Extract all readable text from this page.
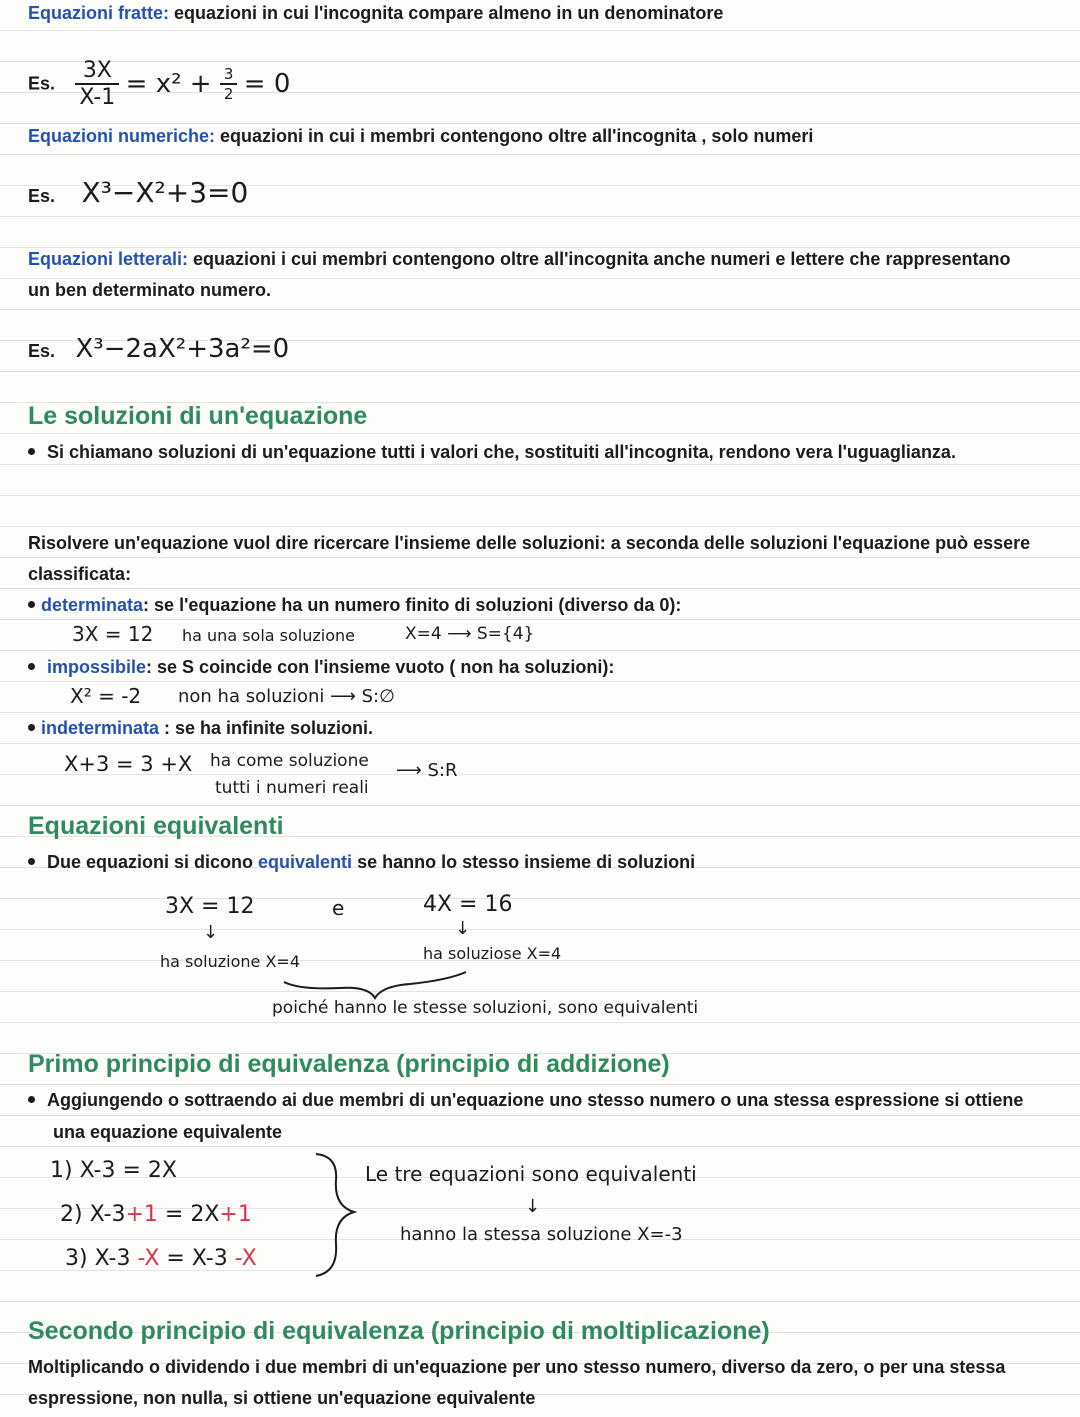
Equazioni fratte: equazioni in cui l'incognita compare almeno in un denominatore
Es. $\frac{3X}{X-1} = x^2 + \frac{3}{2} = 0$
Equazioni numeriche: equazioni in cui i membri contengono oltre all'incognita , solo numeri
Es. X³−X²+3=0
Equazioni letterali: equazioni i cui membri contengono oltre all'incognita anche numeri e lettere che rappresentano
un ben determinato numero.
Es. X³−2aX²+3a²=0
Le soluzioni di un'equazione
Si chiamano soluzioni di un'equazione tutti i valori che, sostituiti all'incognita, rendono vera l'uguaglianza.
Risolvere un'equazione vuol dire ricercare l'insieme delle soluzioni: a seconda delle soluzioni l'equazione può essere
classificata:
determinata: se l'equazione ha un numero finito di soluzioni (diverso da 0):
3X = 12 ha una sola soluzione	X=4 ⟶ S={4}
impossibile: se S coincide con l'insieme vuoto ( non ha soluzioni):
X² = -2 non ha soluzioni ⟶ S:∅
indeterminata : se ha infinite soluzioni.
X+3 = 3 +X ha come soluzione
tutti i numeri reali
⟶ S:R
Equazioni equivalenti
Due equazioni si dicono equivalenti se hanno lo stesso insieme di soluzioni
3X = 12	e	4X = 16
↓	↓
ha soluzione X=4	ha soluziose X=4
poiché hanno le stesse soluzioni, sono equivalenti
Primo principio di equivalenza (principio di addizione)
Aggiungendo o sottraendo ai due membri di un'equazione uno stesso numero o una stessa espressione si ottiene
una equazione equivalente
1) X-3 = 2X
2) X-3+1 = 2X+1
3) X-3 -X = X-3 -X
Le tre equazioni sono equivalenti
↓
hanno la stessa soluzione X=-3
Secondo principio di equivalenza (principio di moltiplicazione)
Moltiplicando o dividendo i due membri di un'equazione per uno stesso numero, diverso da zero, o per una stessa
espressione, non nulla, si ottiene un'equazione equivalente
